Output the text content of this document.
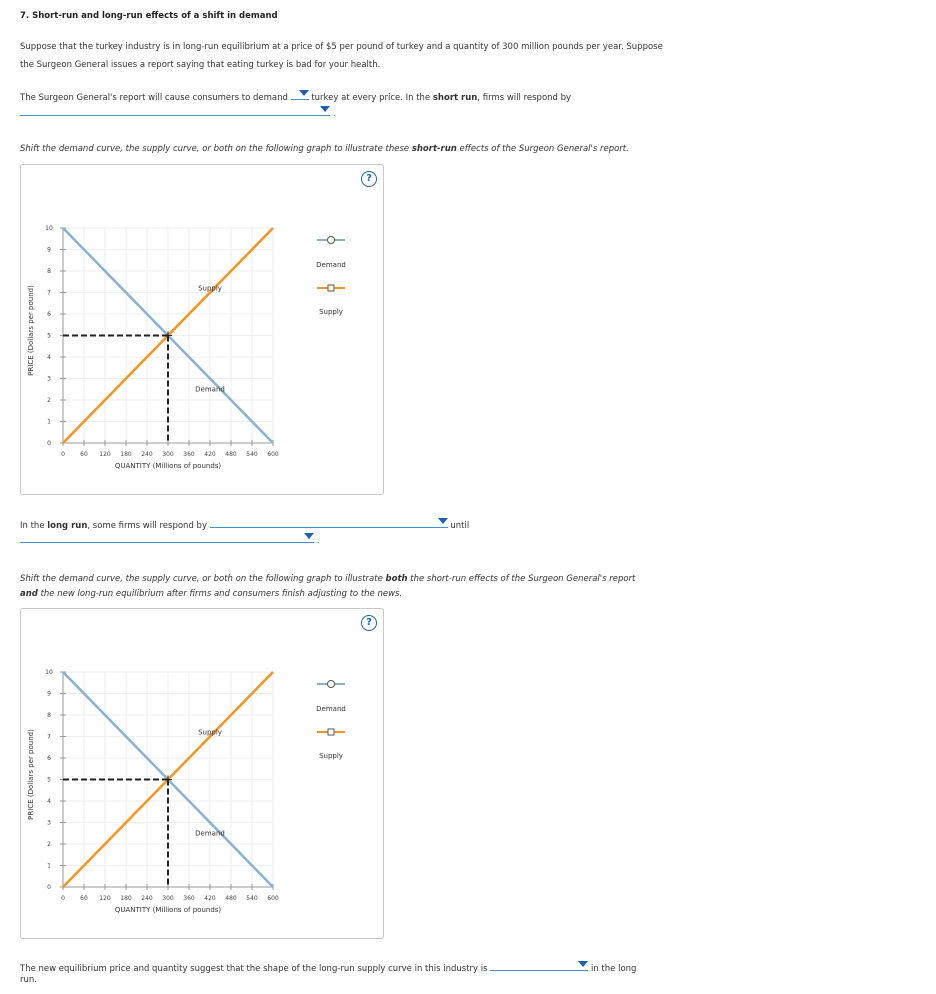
7. Short-run and long-run effects of a shift in demand
Suppose that the turkey industry is in long-run equilibrium at a price of $5 per pound of turkey and a quantity of 300 million pounds per year. Suppose
the Surgeon General issues a report saying that eating turkey is bad for your health.
The Surgeon General's report will cause consumers to demand	turkey at every price. In the short run, firms will respond by
.
Shift the demand curve, the supply curve, or both on the following graph to illustrate these short-run effects of the Surgeon General's report.
?
0	60 120 180 240 300 360 420 480 540 600
0
1
2
3
4
5
6
7
8
9
10
QUANTITY (Millions of pounds)
PRICE (Dollars per pound)	Supply
Demand
Demand
Supply
In the long run, some firms will respond by	until
.
Shift the demand curve, the supply curve, or both on the following graph to illustrate both the short-run effects of the Surgeon General's report
and the new long-run equilibrium after firms and consumers finish adjusting to the news.
?
0	60 120 180 240 300 360 420 480 540 600
0
1
2
3
4
5
6
7
8
9
10
QUANTITY (Millions of pounds)
PRICE (Dollars per pound)	Supply
Demand
Demand
Supply
The new equilibrium price and quantity suggest that the shape of the long-run supply curve in this industry is	in the long
run.
